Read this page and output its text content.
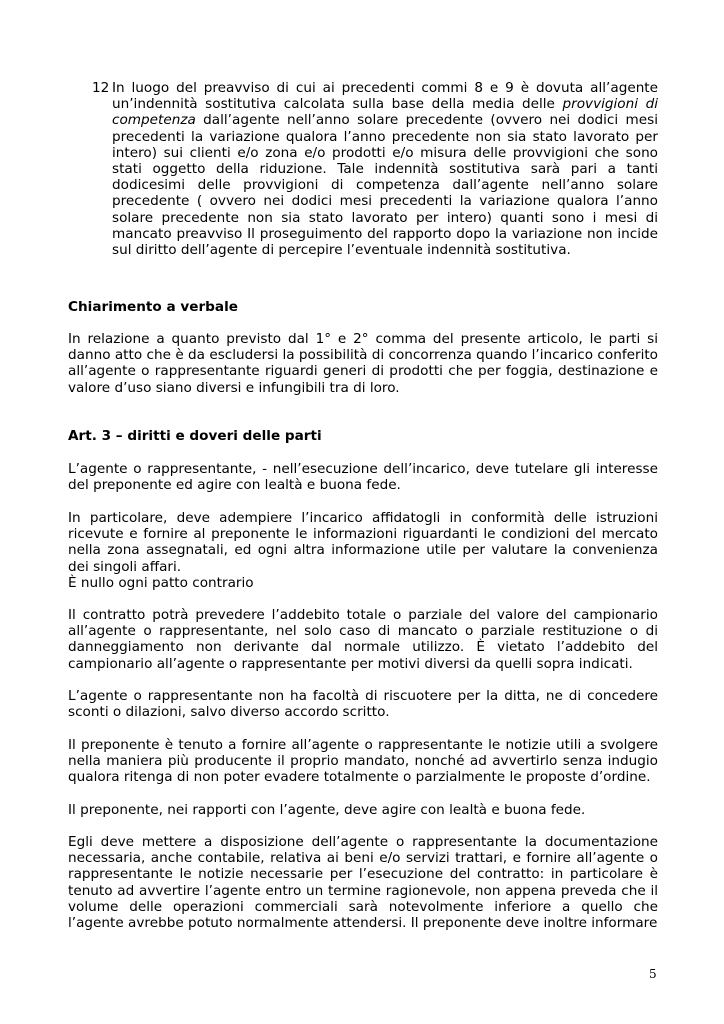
12 In luogo del preavviso di cui ai precedenti commi 8 e 9 è dovuta all’agente un’indennità sostitutiva calcolata sulla base della media delle provvigioni di competenza dall’agente nell’anno solare precedente (ovvero nei dodici mesi precedenti la variazione qualora l’anno precedente non sia stato lavorato per intero) sui clienti e/o zona e/o prodotti e/o misura delle provvigioni che sono stati oggetto della riduzione. Tale indennità sostitutiva sarà pari a tanti dodicesimi delle provvigioni di competenza dall’agente nell’anno solare precedente ( ovvero nei dodici mesi precedenti la variazione qualora l’anno solare precedente non sia stato lavorato per intero) quanti sono i mesi di mancato preavviso Il proseguimento del rapporto dopo la variazione non incide sul diritto dell’agente di percepire l’eventuale indennità sostitutiva.
Chiarimento a verbale
In relazione a quanto previsto dal 1° e 2° comma del presente articolo, le parti si danno atto che è da escludersi la possibilità di concorrenza quando l’incarico conferito all’agente o rappresentante riguardi generi di prodotti che per foggia, destinazione e valore d’uso siano diversi e infungibili tra di loro.
Art. 3 – diritti e doveri delle parti
L’agente o rappresentante, - nell’esecuzione dell’incarico, deve tutelare gli interesse del preponente ed agire con lealtà e buona fede.
In particolare, deve adempiere l’incarico affidatogli in conformità delle istruzioni ricevute e fornire al preponente le informazioni riguardanti le condizioni del mercato nella zona assegnatali, ed ogni altra informazione utile per valutare la convenienza dei singoli affari.
È nullo ogni patto contrario
Il contratto potrà prevedere l’addebito totale o parziale del valore del campionario all’agente o rappresentante, nel solo caso di mancato o parziale restituzione o di danneggiamento non derivante dal normale utilizzo. È vietato l’addebito del campionario all’agente o rappresentante per motivi diversi da quelli sopra indicati.
L’agente o rappresentante non ha facoltà di riscuotere per la ditta, ne di concedere sconti o dilazioni, salvo diverso accordo scritto.
Il preponente è tenuto a fornire all’agente o rappresentante le notizie utili a svolgere nella maniera più producente il proprio mandato, nonché ad avvertirlo senza indugio qualora ritenga di non poter evadere totalmente o parzialmente le proposte d’ordine.
Il preponente, nei rapporti con l’agente, deve agire con lealtà e buona fede.
Egli deve mettere a disposizione dell’agente o rappresentante la documentazione necessaria, anche contabile, relativa ai beni e/o servizi trattari, e fornire all’agente o rappresentante le notizie necessarie per l’esecuzione del contratto: in particolare è tenuto ad avvertire l’agente entro un termine ragionevole, non appena preveda che il volume delle operazioni commerciali sarà notevolmente inferiore a quello che l’agente avrebbe potuto normalmente attendersi. Il preponente deve inoltre informare
5
